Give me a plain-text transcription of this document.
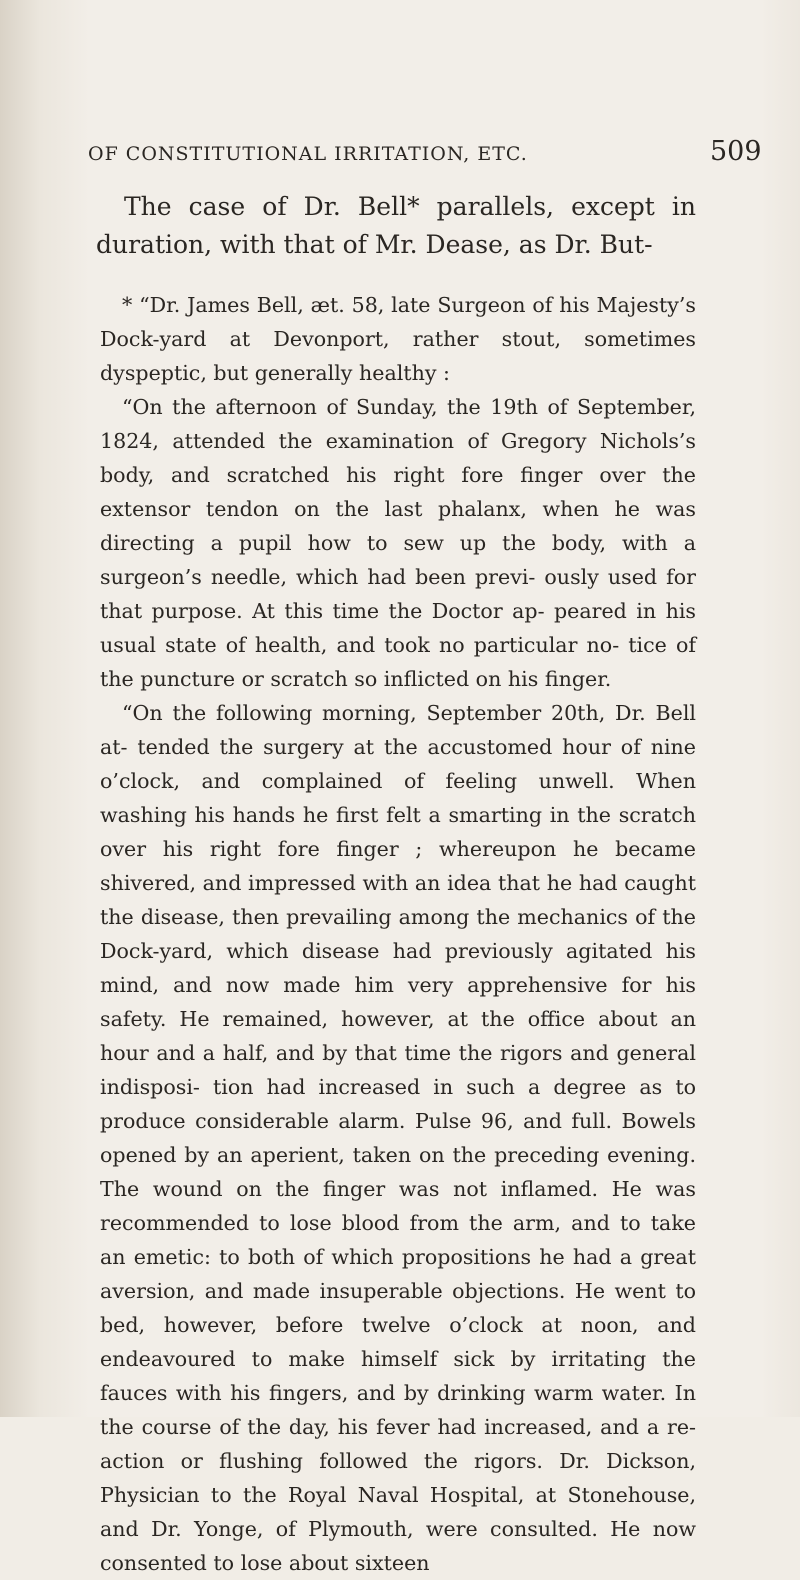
OF CONSTITUTIONAL IRRITATION, ETC.	509

The case of Dr. Bell* parallels, except in duration, with that of Mr. Dease, as Dr. But-

* “Dr. James Bell, æt. 58, late Surgeon of his Majesty’s Dock-yard at Devonport, rather stout, sometimes dyspeptic, but generally healthy :

“On the afternoon of Sunday, the 19th of September, 1824, attended the examination of Gregory Nichols’s body, and scratched his right fore finger over the extensor tendon on the last phalanx, when he was directing a pupil how to sew up the body, with a surgeon’s needle, which had been previ- ously used for that purpose. At this time the Doctor ap- peared in his usual state of health, and took no particular no- tice of the puncture or scratch so inflicted on his finger.

“On the following morning, September 20th, Dr. Bell at- tended the surgery at the accustomed hour of nine o’clock, and complained of feeling unwell. When washing his hands he first felt a smarting in the scratch over his right fore finger ; whereupon he became shivered, and impressed with an idea that he had caught the disease, then prevailing among the mechanics of the Dock-yard, which disease had previously agitated his mind, and now made him very apprehensive for his safety. He remained, however, at the office about an hour and a half, and by that time the rigors and general indisposi- tion had increased in such a degree as to produce considerable alarm. Pulse 96, and full. Bowels opened by an aperient, taken on the preceding evening. The wound on the finger was not inflamed. He was recommended to lose blood from the arm, and to take an emetic: to both of which propositions he had a great aversion, and made insuperable objections. He went to bed, however, before twelve o’clock at noon, and endeavoured to make himself sick by irritating the fauces with his fingers, and by drinking warm water. In the course of the day, his fever had increased, and a re-action or flushing followed the rigors. Dr. Dickson, Physician to the Royal Naval Hospital, at Stonehouse, and Dr. Yonge, of Plymouth, were consulted. He now consented to lose about sixteen
